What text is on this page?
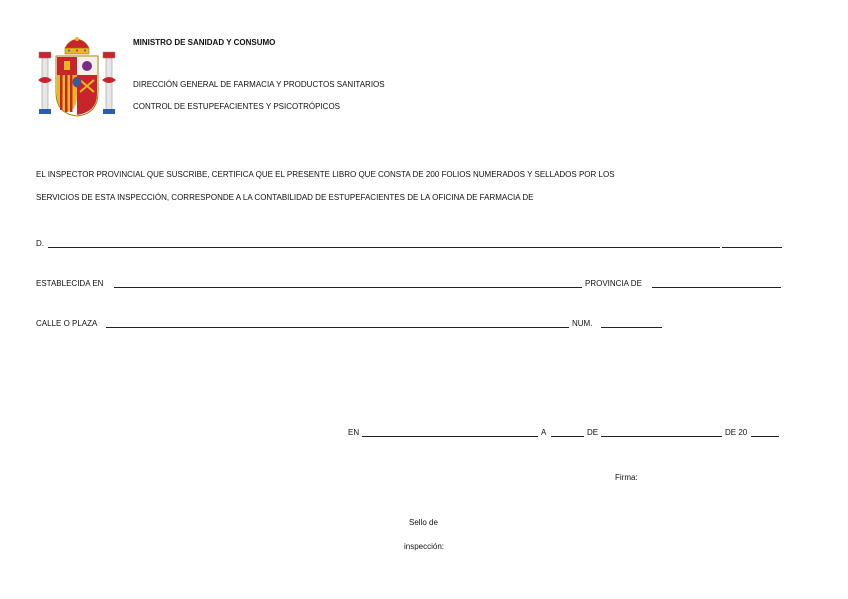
MINISTRO DE SANIDAD Y CONSUMO
DIRECCIÓN GENERAL DE FARMACIA Y PRODUCTOS SANITARIOS
CONTROL DE ESTUPEFACIENTES Y PSICOTRÓPICOS
EL INSPECTOR PROVINCIAL QUE SUSCRIBE, CERTIFICA QUE EL PRESENTE LIBRO QUE CONSTA DE 200 FOLIOS NUMERADOS Y SELLADOS POR LOS
SERVICIOS DE ESTA INSPECCIÓN, CORRESPONDE A LA CONTABILIDAD DE ESTUPEFACIENTES DE LA OFICINA DE FARMACIA DE
D.
ESTABLECIDA EN	PROVINCIA DE
CALLE O PLAZA	NUM.
EN	A	DE	DE 20
Firma:
Sello de
inspección:
